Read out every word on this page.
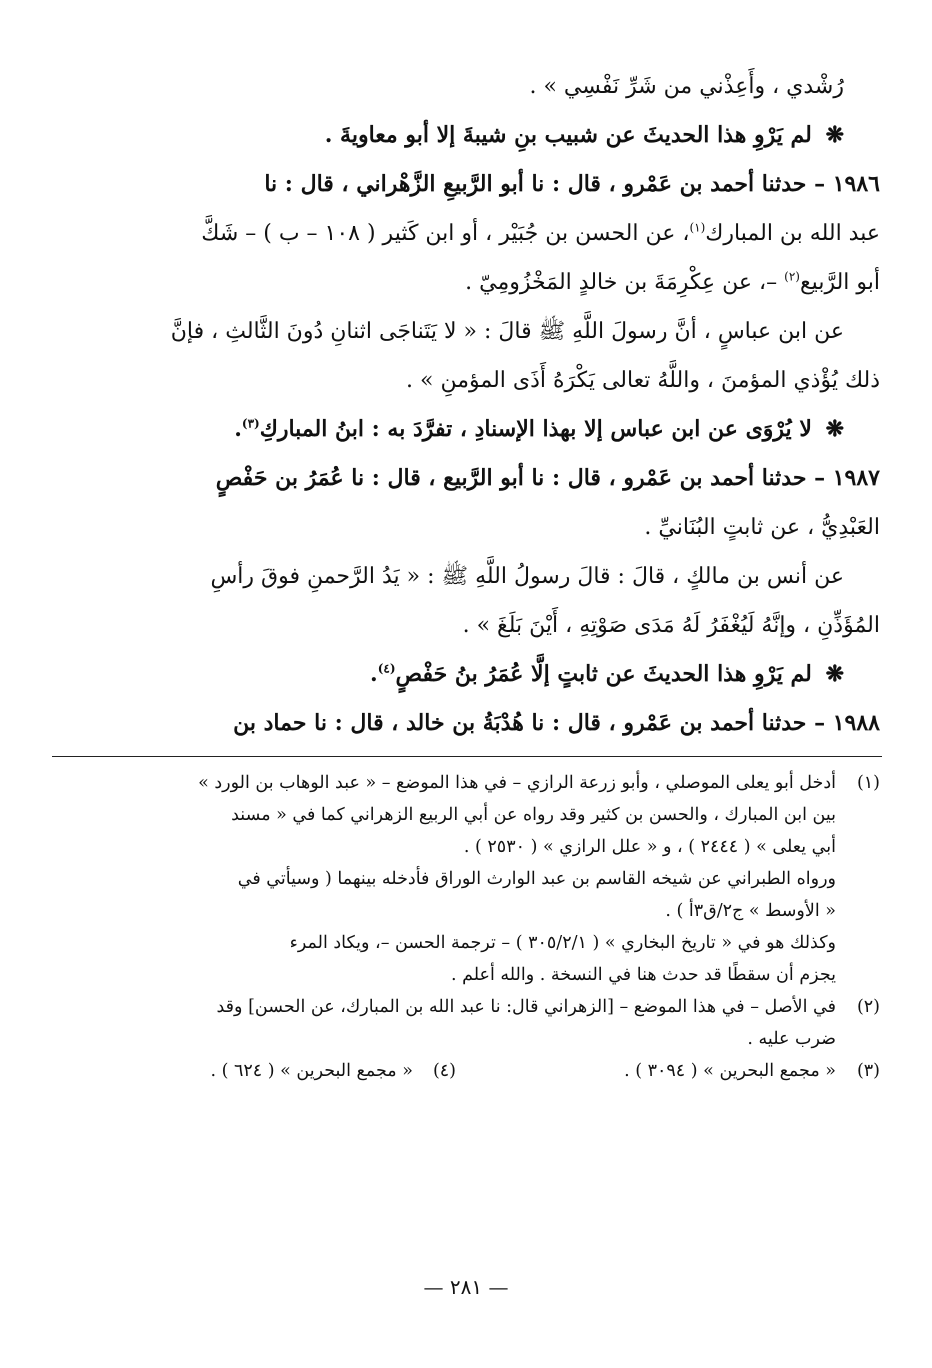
رُشْدي ، وأَعِذْني من شَرِّ نَفْسِي » .
❋ لم يَرْوِ هذا الحديثَ عن شبيب بنِ شيبةَ إلا أبو معاويةَ .
١٩٨٦ – حدثنا أحمد بن عَمْرو ، قال : نا أبو الرَّبيعِ الزَّهْراني ، قال : نا
عبد الله بن المبارك$^{(١)}$، عن الحسن بن جُبَيْر ، أو ابن كَثير ( ١٠٨ – ب ) – شَكَّ
أبو الرَّبيع$^{(٢)}$ –، عن عِكْرِمَةَ بن خالدٍ المَخْزُومِيّ .
عن ابن عباسٍ ، أنَّ رسولَ اللَّهِ ﷺ قالَ : « لا يَتَناجَى اثنانِ دُونَ الثَّالثِ ، فإنَّ
ذلك يُؤْذي المؤمنَ ، واللَّهُ تعالى يَكْرَهُ أَذَى المؤمنِ » .
❋ لا يُرْوَى عن ابن عباس إلا بهذا الإسنادِ ، تفرَّدَ به : ابنُ المباركِ$^{(٣)}$.
١٩٨٧ – حدثنا أحمد بن عَمْرو ، قال : نا أبو الرَّبيع ، قال : نا عُمَرُ بن حَفْصٍ
العَبْدِيُّ ، عن ثابتٍ البُنَانيِّ .
عن أنس بن مالكٍ ، قالَ : قالَ رسولُ اللَّهِ ﷺ : « يَدُ الرَّحمنِ فوقَ رأسِ
المُؤَذِّنِ ، وإنَّهُ لَيُغْفَرُ لَهُ مَدَى صَوْتِهِ ، أَيْنَ بَلَغَ » .
❋ لم يَرْوِ هذا الحديثَ عن ثابتٍ إلَّا عُمَرُ بنُ حَفْصٍ$^{(٤)}$.
١٩٨٨ – حدثنا أحمد بن عَمْرو ، قال : نا هُدْبَةُ بن خالد ، قال : نا حماد بن
(١)
أدخل أبو يعلى الموصلي ، وأبو زرعة الرازي – في هذا الموضع – « عبد الوهاب بن الورد »
بين ابن المبارك ، والحسن بن كثير وقد رواه عن أبي الربيع الزهراني كما في « مسند
أبي يعلى » ( ٢٤٤٤ ) ، و « علل الرازي » ( ٢٥٣٠ ) .
ورواه الطبراني عن شيخه القاسم بن عبد الوارث الوراق فأدخله بينهما ( وسيأتي في
« الأوسط » ج٢/ق٣أ ) .
وكذلك هو في « تاريخ البخاري » ( ٣٠٥/٢/١ ) – ترجمة الحسن –، ويكاد المرء
يجزم أن سقطًا قد حدث هنا في النسخة . والله أعلم .
(٢)
في الأصل – في هذا الموضع – [الزهراني قال: نا عبد الله بن المبارك، عن الحسن] وقد
ضرب عليه .
(٣)
« مجمع البحرين » ( ٣٠٩٤ ) .
(٤)
« مجمع البحرين » ( ٦٢٤ ) .
— ٢٨١ —
